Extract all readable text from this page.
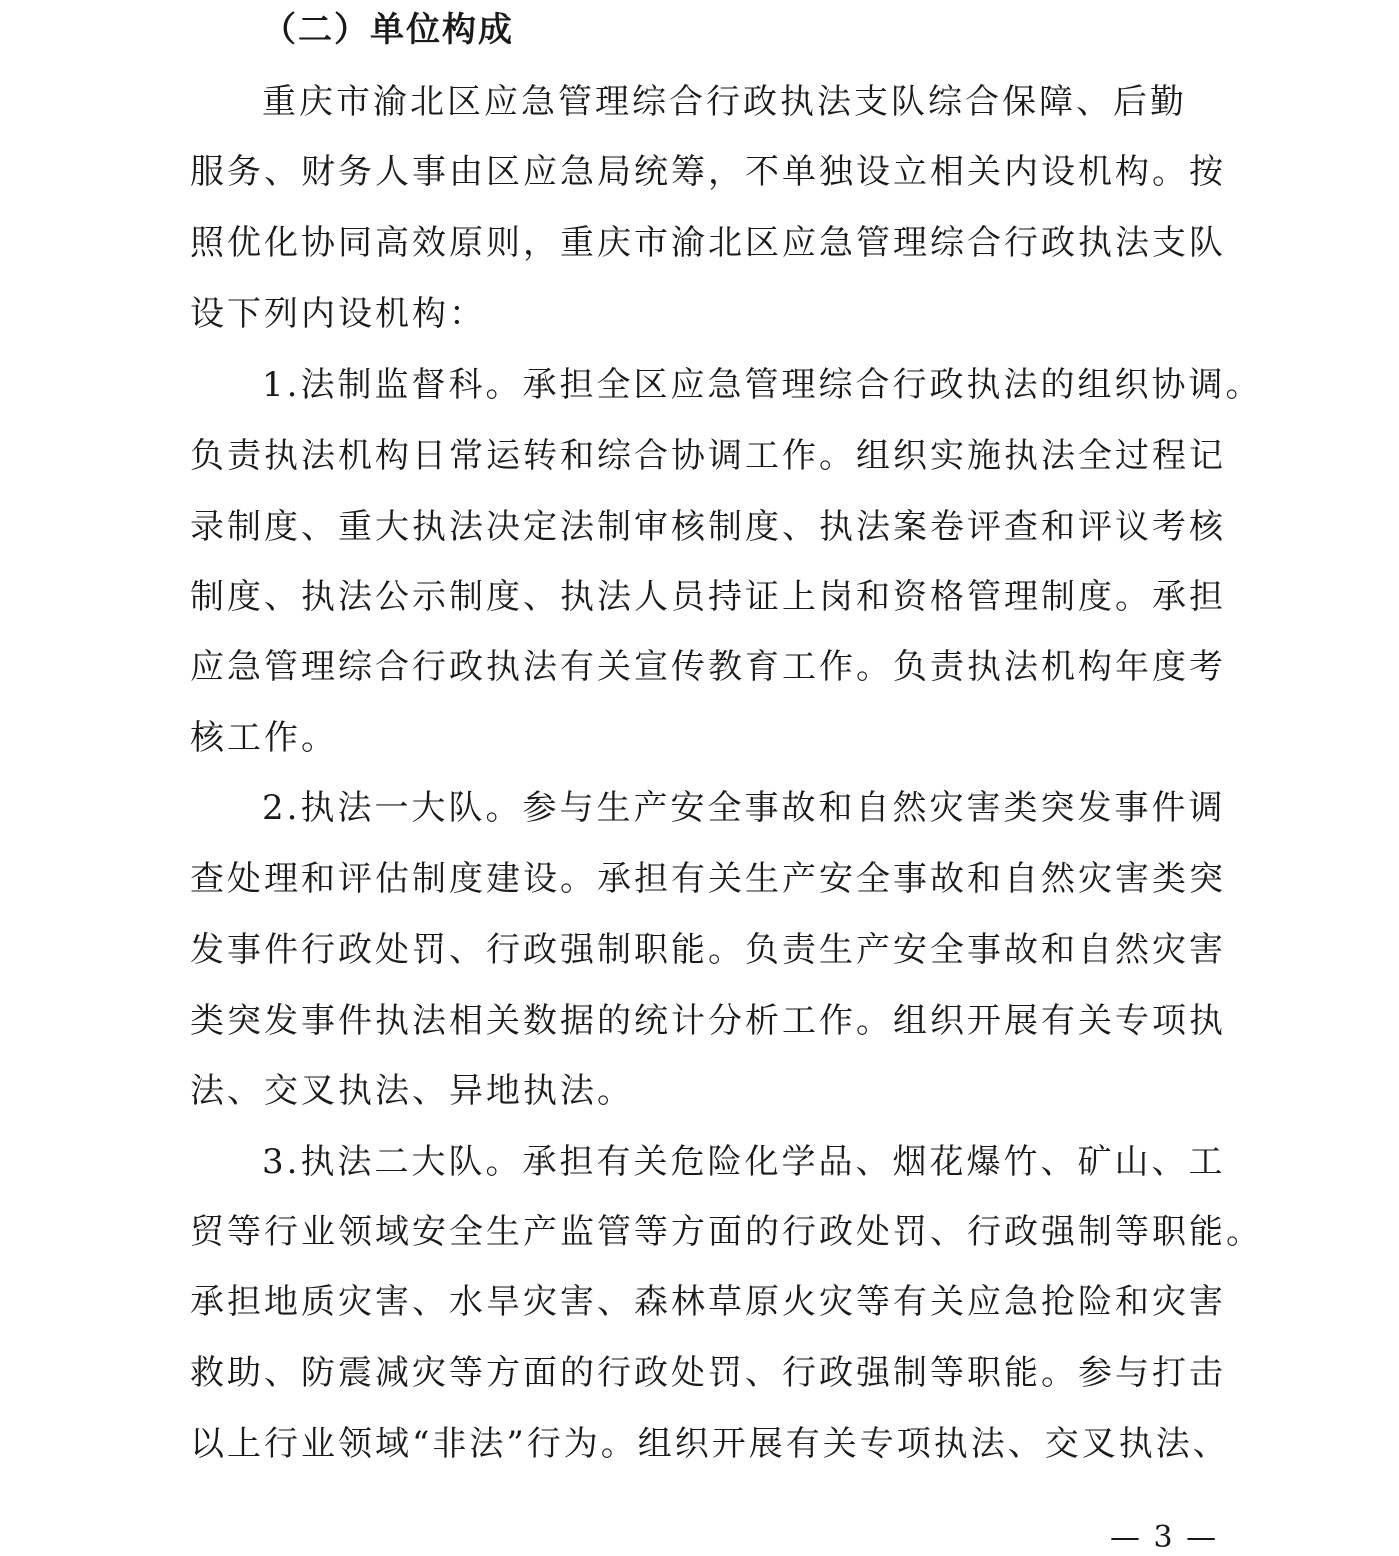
（二）单位构成
重庆市渝北区应急管理综合行政执法支队综合保障、后勤
服务、财务人事由区应急局统筹，不单独设立相关内设机构。按
照优化协同高效原则，重庆市渝北区应急管理综合行政执法支队
设下列内设机构：
1.法制监督科。承担全区应急管理综合行政执法的组织协调。
负责执法机构日常运转和综合协调工作。组织实施执法全过程记
录制度、重大执法决定法制审核制度、执法案卷评查和评议考核
制度、执法公示制度、执法人员持证上岗和资格管理制度。承担
应急管理综合行政执法有关宣传教育工作。负责执法机构年度考
核工作。
2.执法一大队。参与生产安全事故和自然灾害类突发事件调
查处理和评估制度建设。承担有关生产安全事故和自然灾害类突
发事件行政处罚、行政强制职能。负责生产安全事故和自然灾害
类突发事件执法相关数据的统计分析工作。组织开展有关专项执
法、交叉执法、异地执法。
3.执法二大队。承担有关危险化学品、烟花爆竹、矿山、工
贸等行业领域安全生产监管等方面的行政处罚、行政强制等职能。
承担地质灾害、水旱灾害、森林草原火灾等有关应急抢险和灾害
救助、防震减灾等方面的行政处罚、行政强制等职能。参与打击
以上行业领域“非法”行为。组织开展有关专项执法、交叉执法、
— 3 —
